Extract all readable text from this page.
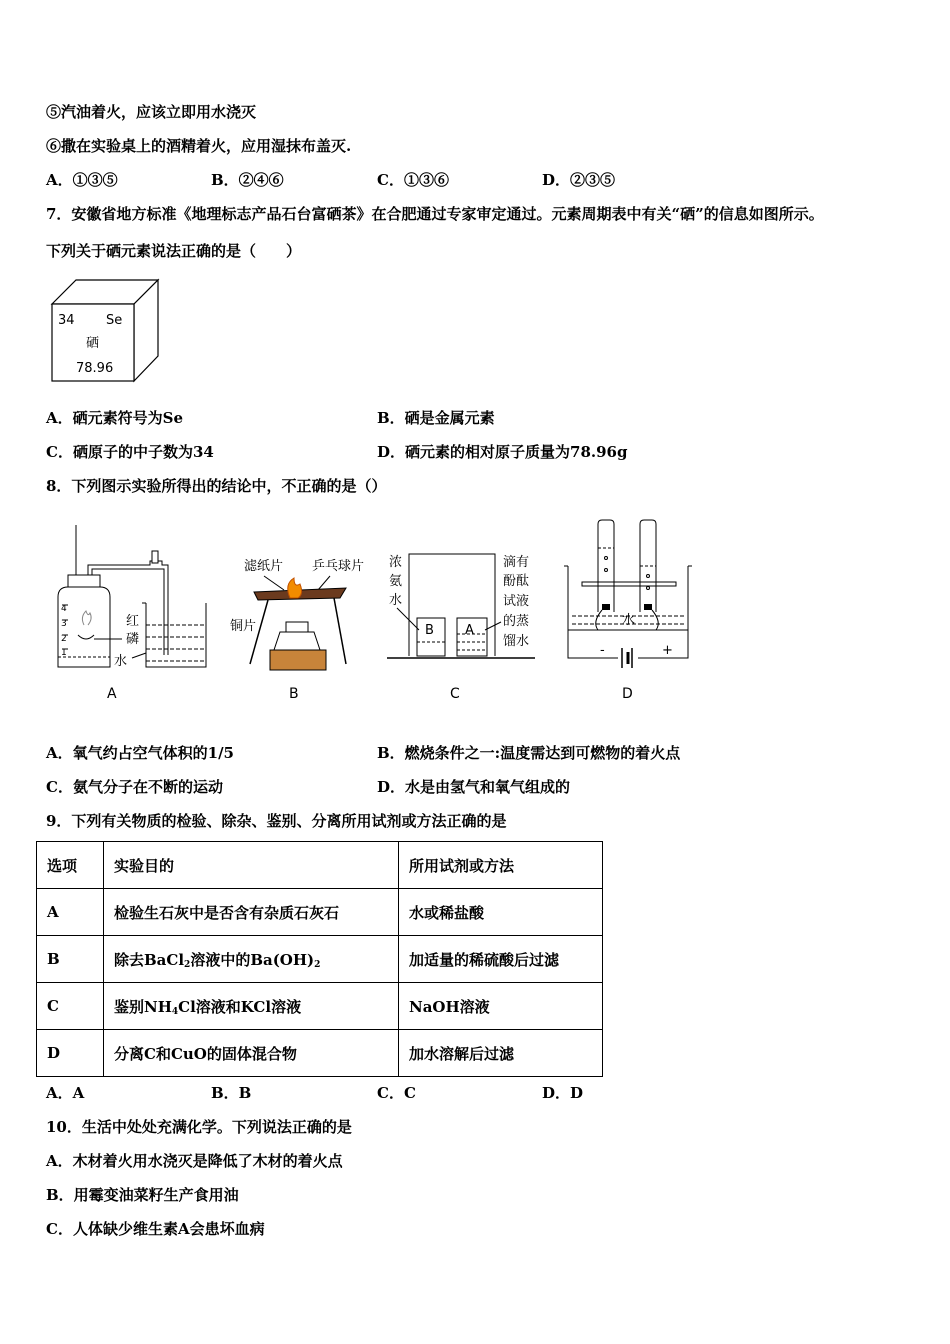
⑤汽油着火，应该立即用水浇灭
⑥撒在实验桌上的酒精着火，应用湿抹布盖灭.
A．①③⑤	B．②④⑥	C．①③⑥	D．②③⑤
7．安徽省地方标准《地理标志产品石台富硒茶》在合肥通过专家审定通过。元素周期表中有关“硒”的信息如图所示。
下列关于硒元素说法正确的是（　　）
34 Se
硒
78.96
A．硒元素符号为Se	B．硒是金属元素
C．硒原子的中子数为34	D．硒元素的相对原子质量为78.96g
8．下列图示实验所得出的结论中，不正确的是（）
4
3
2
1
红
磷
水
滤纸片 乒乓球片
铜片
浓
氨
水
B A
滴有
酚酞
试液
的蒸
馏水
水
-	+
A	B	C	D
A．氧气约占空气体积的1/5	B．燃烧条件之一:温度需达到可燃物的着火点
C．氨气分子在不断的运动	D．水是由氢气和氧气组成的
9．下列有关物质的检验、除杂、鉴别、分离所用试剂或方法正确的是
选项	实验目的	所用试剂或方法
A	检验生石灰中是否含有杂质石灰石	水或稀盐酸
B	除去BaCl$_2$溶液中的$Ba(OH)_2$	加适量的稀硫酸后过滤
C	鉴别$NH_4Cl$溶液和KCl溶液	NaOH溶液
D	分离C和CuO的固体混合物	加水溶解后过滤
A．A	B．B	C．C	D．D
10．生活中处处充满化学。下列说法正确的是
A．木材着火用水浇灭是降低了木材的着火点
B．用霉变油菜籽生产食用油
C．人体缺少维生素A会患坏血病
